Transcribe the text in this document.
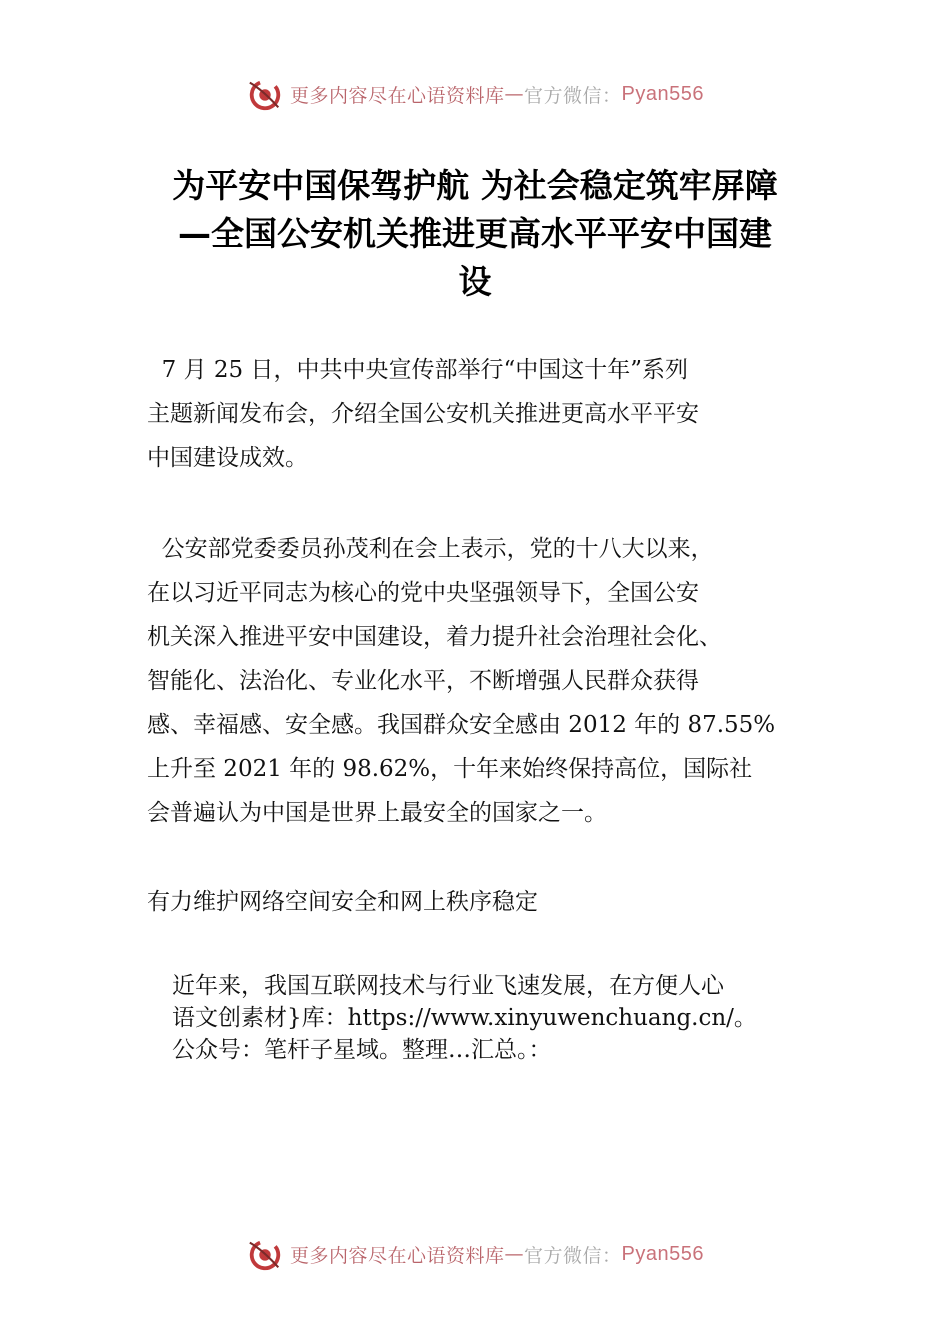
更多内容尽在心语资料库 — 官方微信： Pyan556
为平安中国保驾护航 为社会稳定筑牢屏障
—全国公安机关推进更高水平平安中国建
设
7 月 25 日，中共中央宣传部举行“中国这十年”系列
主题新闻发布会，介绍全国公安机关推进更高水平平安
中国建设成效。
公安部党委委员孙茂利在会上表示，党的十八大以来，
在以习近平同志为核心的党中央坚强领导下，全国公安
机关深入推进平安中国建设，着力提升社会治理社会化、
智能化、法治化、专业化水平，不断增强人民群众获得
感、幸福感、安全感。我国群众安全感由 2012 年的 87.55%
上升至 2021 年的 98.62%，十年来始终保持高位，国际社
会普遍认为中国是世界上最安全的国家之一。
有力维护网络空间安全和网上秩序稳定
近年来，我国互联网技术与行业飞速发展，在方便人心
语文创素材}库：https://www.xinyuwenchuang.cn/。
公众号：笔杆子星域。整理…汇总。：
更多内容尽在心语资料库 — 官方微信： Pyan556
